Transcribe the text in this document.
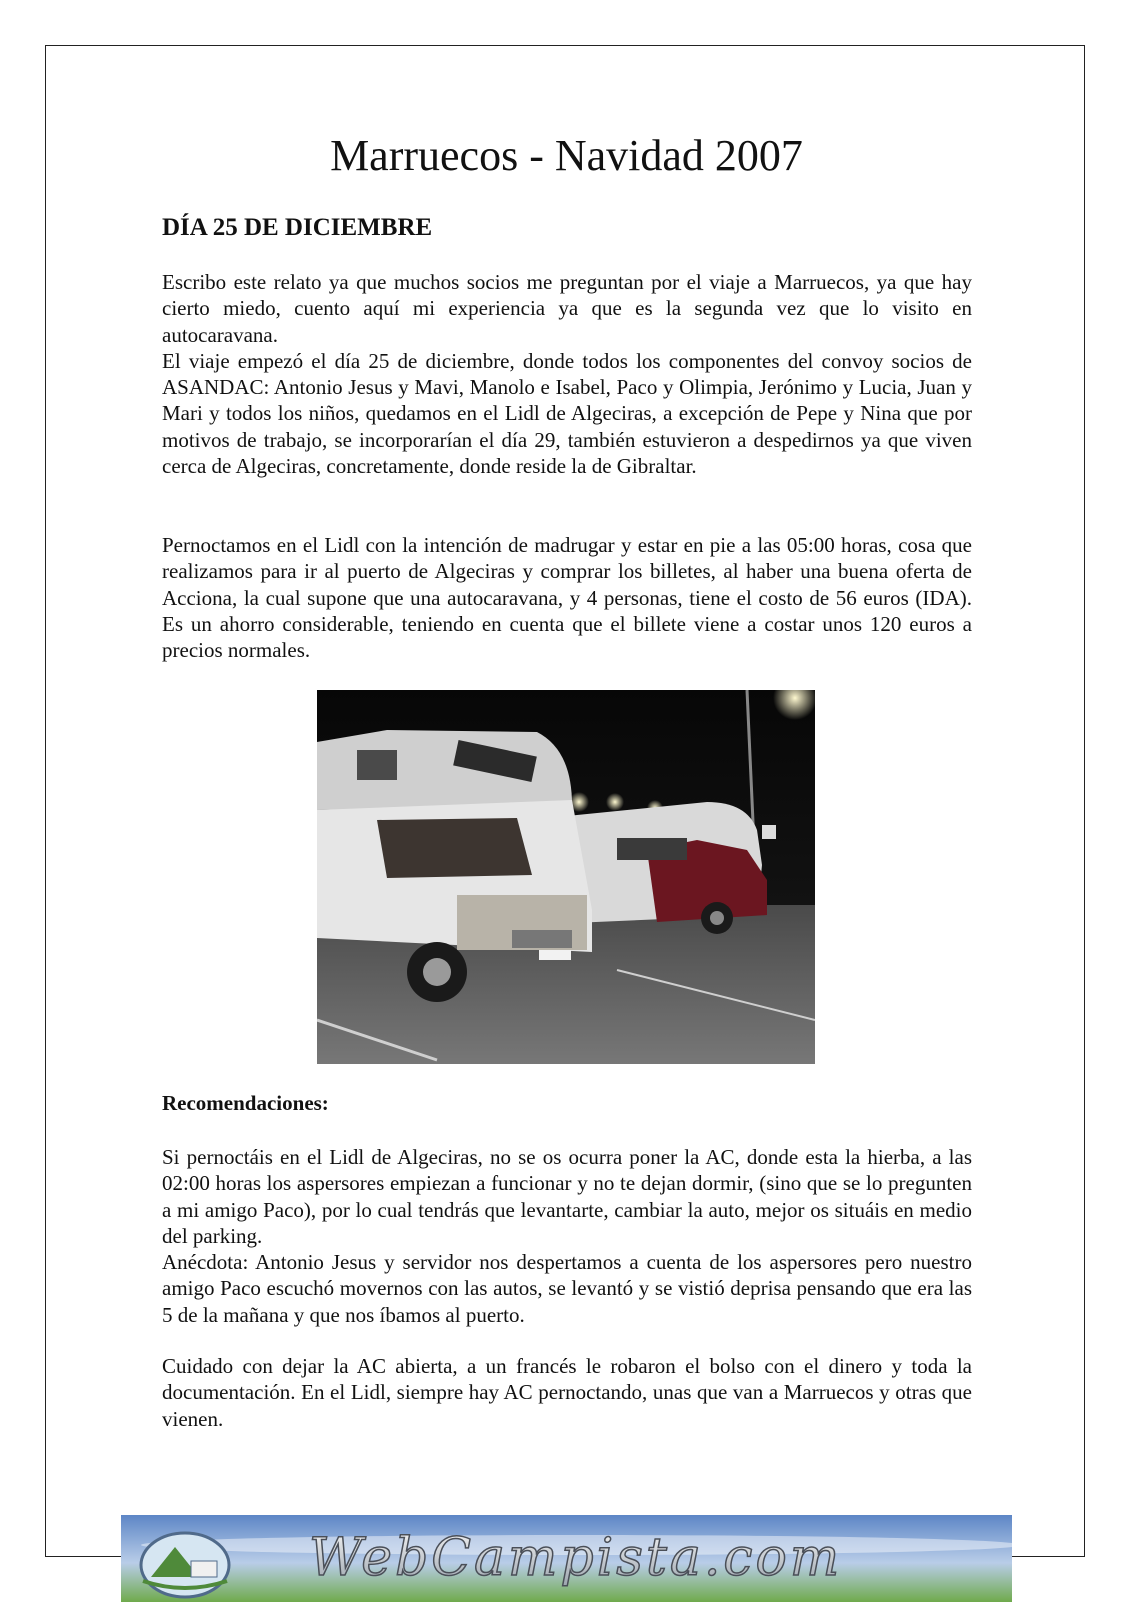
Marruecos - Navidad 2007
DÍA 25 DE DICIEMBRE

Escribo este relato ya que muchos socios me preguntan por el viaje a Marruecos, ya que hay cierto miedo, cuento aquí mi experiencia ya que es la segunda vez que lo visito en autocaravana.

El viaje empezó el día 25 de diciembre, donde todos los componentes del convoy socios de ASANDAC: Antonio Jesus y Mavi, Manolo e Isabel, Paco y Olimpia, Jerónimo y Lucia, Juan y Mari y todos los niños, quedamos en el Lidl de Algeciras, a excepción de Pepe y Nina que por motivos de trabajo, se incorporarían el día 29, también estuvieron a despedirnos ya que viven cerca de Algeciras, concretamente, donde reside la de Gibraltar.

Pernoctamos en el Lidl con la intención de madrugar y estar en pie a las 05:00 horas, cosa que realizamos para ir al puerto de Algeciras y comprar los billetes, al haber una buena oferta de Acciona, la cual supone que una autocaravana, y 4 personas, tiene el costo de 56 euros (IDA). Es un ahorro considerable, teniendo en cuenta que el billete viene a costar unos 120 euros a precios normales.

Recomendaciones:

Si pernoctáis en el Lidl de Algeciras, no se os ocurra poner la AC, donde esta la hierba, a las 02:00 horas los aspersores empiezan a funcionar y no te dejan dormir, (sino que se lo pregunten a mi amigo Paco), por lo cual tendrás que levantarte, cambiar la auto, mejor os situáis en medio del parking.

Anécdota: Antonio Jesus y servidor nos despertamos a cuenta de los aspersores pero nuestro amigo Paco escuchó movernos con las autos, se levantó y se vistió deprisa pensando que era las 5 de la mañana y que nos íbamos al puerto.

Cuidado con dejar la AC abierta, a un francés le robaron el bolso con el dinero y toda la documentación. En el Lidl, siempre hay AC pernoctando, unas que van a Marruecos y otras que vienen.

WebCampista.com
